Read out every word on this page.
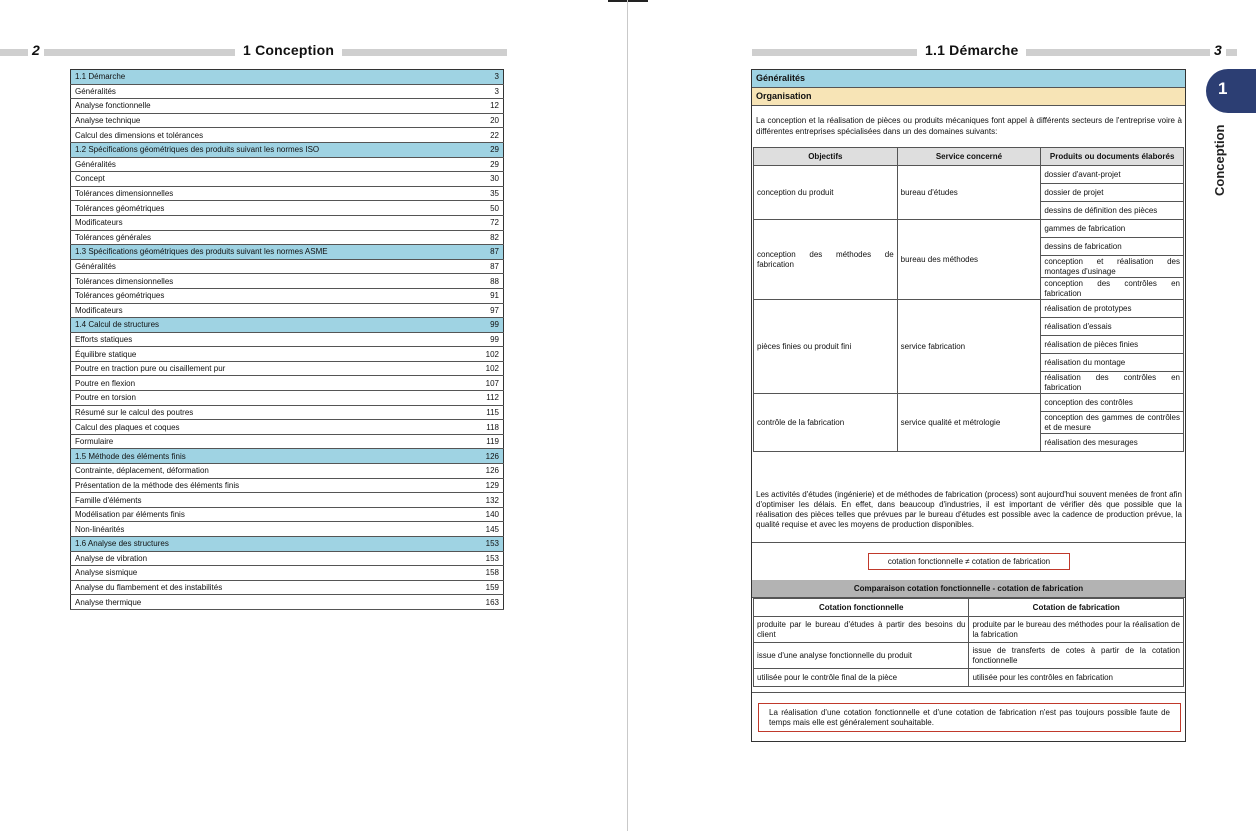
2	1 Conception
1.1 Démarche	3
Généralités	3
Analyse fonctionnelle	12
Analyse technique	20
Calcul des dimensions et tolérances	22
1.2 Spécifications géométriques des produits suivant les normes ISO	29
Généralités	29
Concept	30
Tolérances dimensionnelles	35
Tolérances géométriques	50
Modificateurs	72
Tolérances générales	82
1.3 Spécifications géométriques des produits suivant les normes ASME	87
Généralités	87
Tolérances dimensionnelles	88
Tolérances géométriques	91
Modificateurs	97
1.4 Calcul de structures	99
Efforts statiques	99
Équilibre statique	102
Poutre en traction pure ou cisaillement pur	102
Poutre en flexion	107
Poutre en torsion	112
Résumé sur le calcul des poutres	115
Calcul des plaques et coques	118
Formulaire	119
1.5 Méthode des éléments finis	126
Contrainte, déplacement, déformation	126
Présentation de la méthode des éléments finis	129
Famille d'éléments	132
Modélisation par éléments finis	140
Non-linéarités	145
1.6 Analyse des structures	153
Analyse de vibration	153
Analyse sismique	158
Analyse du flambement et des instabilités	159
Analyse thermique	163
1.1 Démarche	3
1
Conception
Généralités
Organisation
La conception et la réalisation de pièces ou produits mécaniques font appel à différents secteurs de l'entreprise voire à différentes entreprises spécialisées dans un des domaines suivants:
Objectifs	Service concerné	Produits ou documents élaborés
conception du produit	bureau d'études	dossier d'avant-projet
		dossier de projet
		dessins de définition des pièces
conception des méthodes de fabrication	bureau des méthodes	gammes de fabrication
		dessins de fabrication
		conception et réalisation des montages d'usinage
		conception des contrôles en fabrication
pièces finies ou produit fini	service fabrication	réalisation de prototypes
		réalisation d'essais
		réalisation de pièces finies
		réalisation du montage
		réalisation des contrôles en fabrication
contrôle de la fabrication	service qualité et métrologie	conception des contrôles
		conception des gammes de contrôles et de mesure
		réalisation des mesurages
Les activités d'études (ingénierie) et de méthodes de fabrication (process) sont aujourd'hui souvent menées de front afin d'optimiser les délais. En effet, dans beaucoup d'industries, il est important de vérifier dès que possible que la réalisation des pièces telles que prévues par le bureau d'études est possible avec la cadence de production prévue, la qualité requise et avec les moyens de production disponibles.
cotation fonctionnelle ≠ cotation de fabrication
Comparaison cotation fonctionnelle - cotation de fabrication
Cotation fonctionnelle	Cotation de fabrication
produite par le bureau d'études à partir des besoins du client	produite par le bureau des méthodes pour la réalisation de la fabrication
issue d'une analyse fonctionnelle du produit	issue de transferts de cotes à partir de la cotation fonctionnelle
utilisée pour le contrôle final de la pièce	utilisée pour les contrôles en fabrication
La réalisation d'une cotation fonctionnelle et d'une cotation de fabrication n'est pas toujours possible faute de temps mais elle est généralement souhaitable.
